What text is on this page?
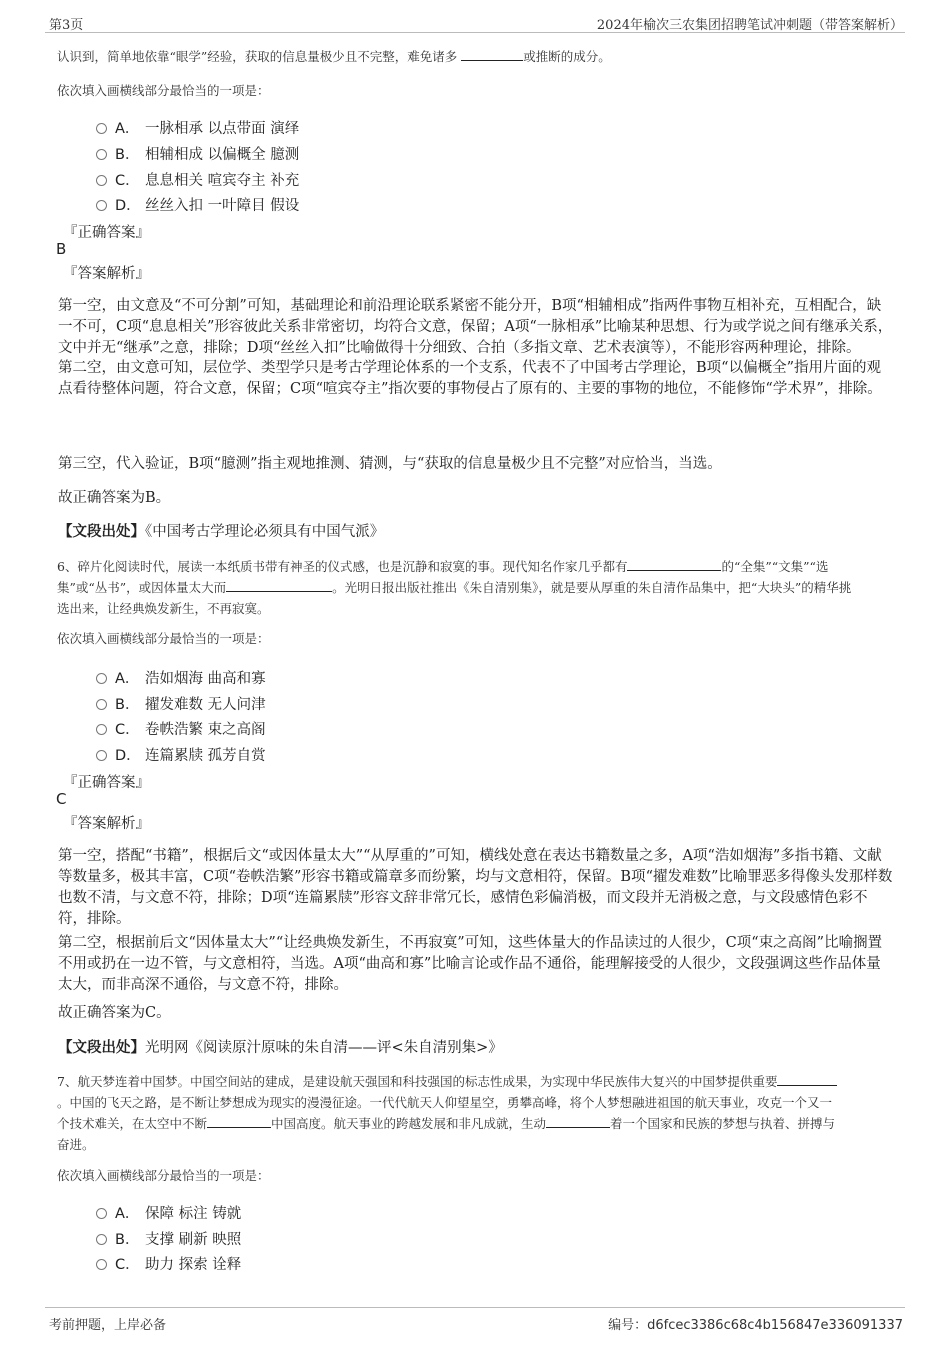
第3页	2024年榆次三农集团招聘笔试冲刺题（带答案解析）
认识到，简单地依靠“眼学”经验，获取的信息量极少且不完整，难免诸多	或推断的成分。
依次填入画横线部分最恰当的一项是：
A． 一脉相承 以点带面 演绎
B． 相辅相成 以偏概全 臆测
C． 息息相关 喧宾夺主 补充
D． 丝丝入扣 一叶障目 假设
『正确答案』
B
『答案解析』
第一空，由文意及“不可分割”可知，基础理论和前沿理论联系紧密不能分开，B项“相辅相成”指两件事物互相补充，互相配合，缺一不可，C项“息息相关”形容彼此关系非常密切，均符合文意，保留；A项“一脉相承”比喻某种思想、行为或学说之间有继承关系，文中并无“继承”之意，排除；D项“丝丝入扣”比喻做得十分细致、合拍（多指文章、艺术表演等），不能形容两种理论，排除。
第二空，由文意可知，层位学、类型学只是考古学理论体系的一个支系，代表不了中国考古学理论，B项“以偏概全”指用片面的观点看待整体问题，符合文意，保留；C项“喧宾夺主”指次要的事物侵占了原有的、主要的事物的地位，不能修饰“学术界”，排除。
第三空，代入验证，B项“臆测”指主观地推测、猜测，与“获取的信息量极少且不完整”对应恰当，当选。
故正确答案为B。
【文段出处】《中国考古学理论必须具有中国气派》
6、碎片化阅读时代，展读一本纸质书带有神圣的仪式感，也是沉静和寂寞的事。现代知名作家几乎都有	的“全集”“文集”“选
集”或“丛书”，或因体量太大而	。光明日报出版社推出《朱自清别集》，就是要从厚重的朱自清作品集中，把“大块头”的精华挑
选出来，让经典焕发新生，不再寂寞。
依次填入画横线部分最恰当的一项是：
A． 浩如烟海 曲高和寡
B． 擢发难数 无人问津
C． 卷帙浩繁 束之高阁
D． 连篇累牍 孤芳自赏
『正确答案』
C
『答案解析』
第一空，搭配“书籍”，根据后文“或因体量太大”“从厚重的”可知，横线处意在表达书籍数量之多，A项“浩如烟海”多指书籍、文献等数量多，极其丰富，C项“卷帙浩繁”形容书籍或篇章多而纷繁，均与文意相符，保留。B项“擢发难数”比喻罪恶多得像头发那样数也数不清，与文意不符，排除；D项“连篇累牍”形容文辞非常冗长，感情色彩偏消极，而文段并无消极之意，与文段感情色彩不符，排除。
第二空，根据前后文“因体量太大”“让经典焕发新生，不再寂寞”可知，这些体量大的作品读过的人很少，C项“束之高阁”比喻搁置不用或扔在一边不管，与文意相符，当选。A项“曲高和寡”比喻言论或作品不通俗，能理解接受的人很少，文段强调这些作品体量太大，而非高深不通俗，与文意不符，排除。
故正确答案为C。
【文段出处】光明网《阅读原汁原味的朱自清——评<朱自清别集>》
7、航天梦连着中国梦。中国空间站的建成，是建设航天强国和科技强国的标志性成果，为实现中华民族伟大复兴的中国梦提供重要
。中国的飞天之路，是不断让梦想成为现实的漫漫征途。一代代航天人仰望星空，勇攀高峰，将个人梦想融进祖国的航天事业，攻克一个又一
个技术难关，在太空中不断	中国高度。航天事业的跨越发展和非凡成就，生动	着一个国家和民族的梦想与执着、拼搏与
奋进。
依次填入画横线部分最恰当的一项是：
A． 保障 标注 铸就
B． 支撑 刷新 映照
C． 助力 探索 诠释
考前押题，上岸必备	编号：d6fcec3386c68c4b156847e336091337
